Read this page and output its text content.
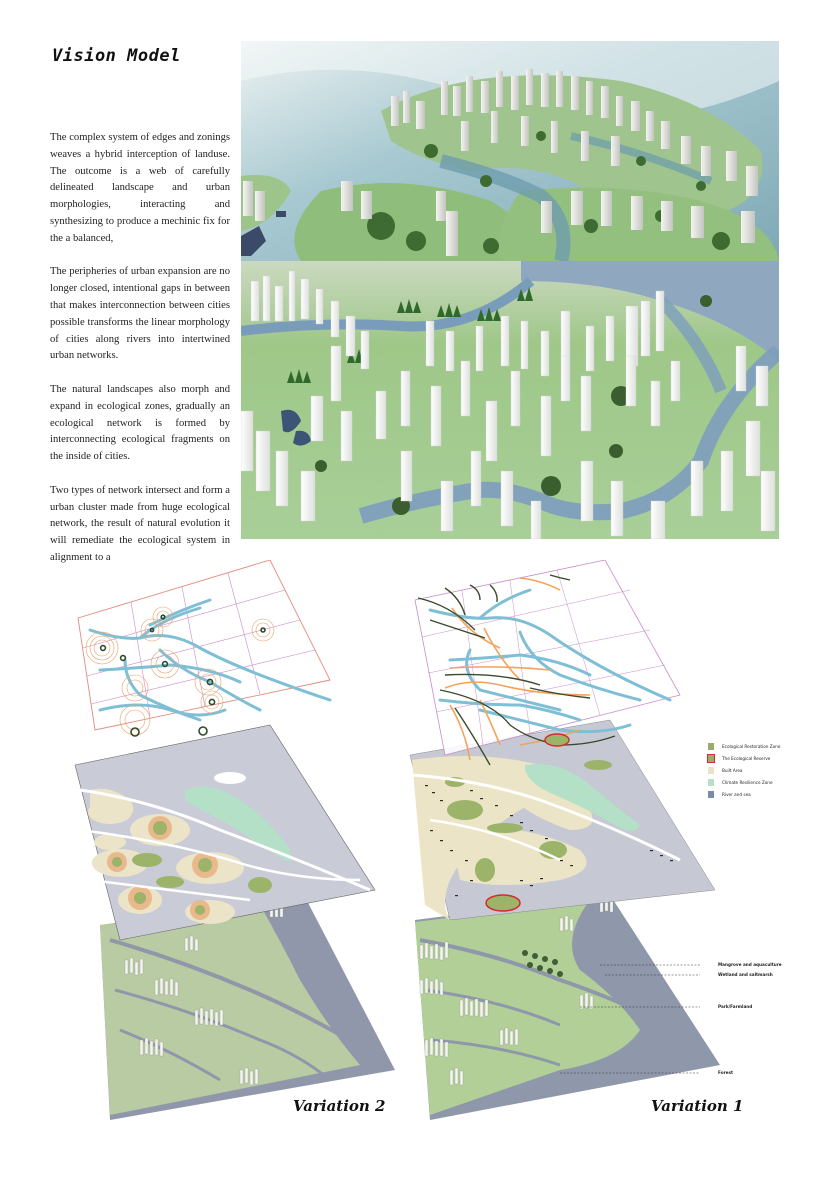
Vision Model

The complex system of edges and zonings weaves a hybrid interception of landuse. The outcome is a web of carefully delineated landscape and urban morphologies, interacting and synthesizing to produce a mechinic fix for the a balanced,

The peripheries of urban expansion are no longer closed, intentional gaps in between that makes interconnection between cities possible transforms the linear morphology of cities along rivers into intertwined urban networks.

The natural landscapes also morph and expand in ecological zones, gradually an ecological network is formed by interconnecting ecological fragments on the inside of cities.

Two types of network intersect and form a urban cluster made from huge ecological network, the result of natural evolution it will remediate the ecological system in alignment to a

Ecological Restoration Zone
The Ecological Reserve
Built Area
Climate Resilience Zone
River and sea
Mangrove and aquaculture
Wetland and saltmarsh
Park/Farmland
Forest
Variation 2	Variation 1
